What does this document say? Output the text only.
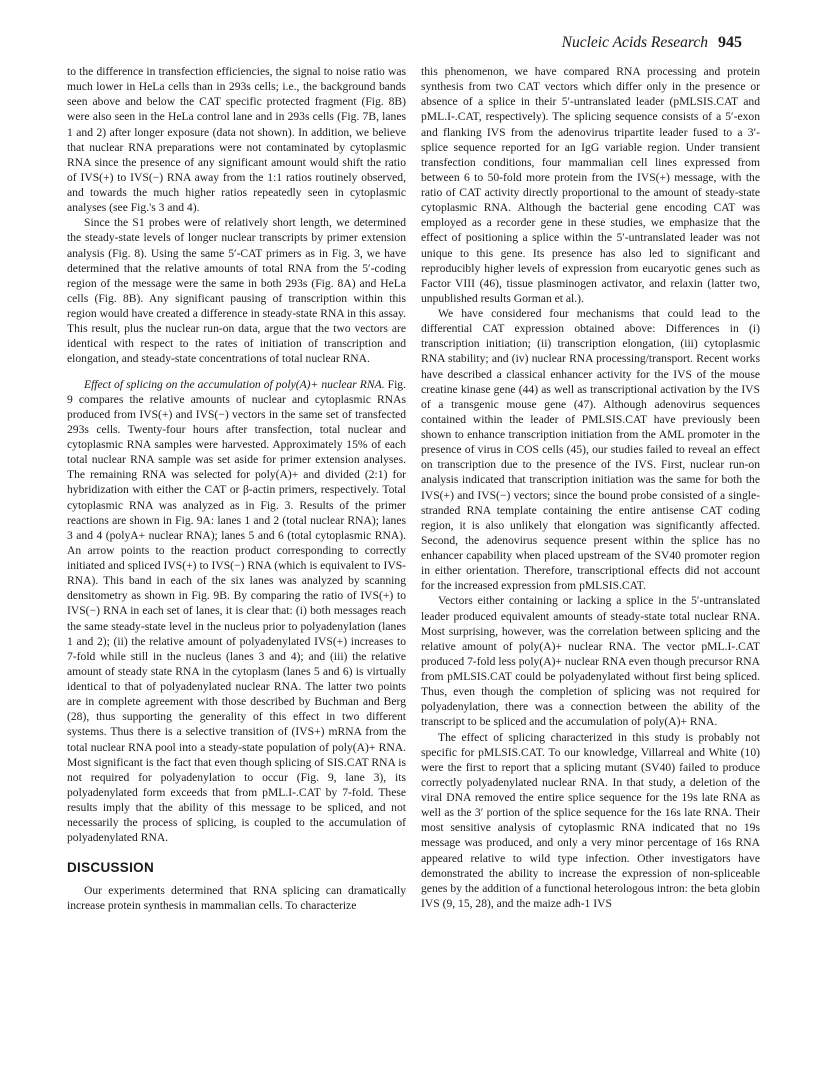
Nucleic Acids Research 945

to the difference in transfection efficiencies, the signal to noise ratio was much lower in HeLa cells than in 293s cells; i.e., the background bands seen above and below the CAT specific protected fragment (Fig. 8B) were also seen in the HeLa control lane and in 293s cells (Fig. 7B, lanes 1 and 2) after longer exposure (data not shown). In addition, we believe that nuclear RNA preparations were not contaminated by cytoplasmic RNA since the presence of any significant amount would shift the ratio of IVS(+) to IVS(−) RNA away from the 1:1 ratios routinely observed, and towards the much higher ratios repeatedly seen in cytoplasmic analyses (see Fig.'s 3 and 4).

Since the S1 probes were of relatively short length, we determined the steady-state levels of longer nuclear transcripts by primer extension analysis (Fig. 8). Using the same 5′-CAT primers as in Fig. 3, we have determined that the relative amounts of total RNA from the 5′-coding region of the message were the same in both 293s (Fig. 8A) and HeLa cells (Fig. 8B). Any significant pausing of transcription within this region would have created a difference in steady-state RNA in this assay. This result, plus the nuclear run-on data, argue that the two vectors are identical with respect to the rates of initiation of transcription and elongation, and steady-state concentrations of total nuclear RNA.

Effect of splicing on the accumulation of poly(A)+ nuclear RNA. Fig. 9 compares the relative amounts of nuclear and cytoplasmic RNAs produced from IVS(+) and IVS(−) vectors in the same set of transfected 293s cells. Twenty-four hours after transfection, total nuclear and cytoplasmic RNA samples were harvested. Approximately 15% of each total nuclear RNA sample was set aside for primer extension analyses. The remaining RNA was selected for poly(A)+ and divided (2:1) for hybridization with either the CAT or β-actin primers, respectively. Total cytoplasmic RNA was analyzed as in Fig. 3. Results of the primer reactions are shown in Fig. 9A: lanes 1 and 2 (total nuclear RNA); lanes 3 and 4 (polyA+ nuclear RNA); lanes 5 and 6 (total cytoplasmic RNA). An arrow points to the reaction product corresponding to correctly initiated and spliced IVS(+) to IVS(−) RNA (which is equivalent to IVS-RNA). This band in each of the six lanes was analyzed by scanning densitometry as shown in Fig. 9B. By comparing the ratio of IVS(+) to IVS(−) RNA in each set of lanes, it is clear that: (i) both messages reach the same steady-state level in the nucleus prior to polyadenylation (lanes 1 and 2); (ii) the relative amount of polyadenylated IVS(+) increases to 7-fold while still in the nucleus (lanes 3 and 4); and (iii) the relative amount of steady state RNA in the cytoplasm (lanes 5 and 6) is virtually identical to that of polyadenylated nuclear RNA. The latter two points are in complete agreement with those described by Buchman and Berg (28), thus supporting the generality of this effect in two different systems. Thus there is a selective transition of (IVS+) mRNA from the total nuclear RNA pool into a steady-state population of poly(A)+ RNA. Most significant is the fact that even though splicing of SIS.CAT RNA is not required for polyadenylation to occur (Fig. 9, lane 3), its polyadenylated form exceeds that from pML.I-.CAT by 7-fold. These results imply that the ability of this message to be spliced, and not necessarily the process of splicing, is coupled to the accumulation of polyadenylated RNA.

DISCUSSION

Our experiments determined that RNA splicing can dramatically increase protein synthesis in mammalian cells. To characterize

this phenomenon, we have compared RNA processing and protein synthesis from two CAT vectors which differ only in the presence or absence of a splice in their 5′-untranslated leader (pMLSIS.CAT and pML.I-.CAT, respectively). The splicing sequence consists of a 5′-exon and flanking IVS from the adenovirus tripartite leader fused to a 3′-splice sequence reported for an IgG variable region. Under transient transfection conditions, four mammalian cell lines expressed from between 6 to 50-fold more protein from the IVS(+) message, with the ratio of CAT activity directly proportional to the amount of steady-state cytoplasmic RNA. Although the bacterial gene encoding CAT was employed as a recorder gene in these studies, we emphasize that the effect of positioning a splice within the 5′-untranslated leader was not unique to this gene. Its presence has also led to significant and reproducibly higher levels of expression from eucaryotic genes such as Factor VIII (46), tissue plasminogen activator, and relaxin (latter two, unpublished results Gorman et al.).

We have considered four mechanisms that could lead to the differential CAT expression obtained above: Differences in (i) transcription initiation; (ii) transcription elongation, (iii) cytoplasmic RNA stability; and (iv) nuclear RNA processing/transport. Recent works have described a classical enhancer activity for the IVS of the mouse creatine kinase gene (44) as well as transcriptional activation by the IVS of a transgenic mouse gene (47). Although adenovirus sequences contained within the leader of PMLSIS.CAT have previously been shown to enhance transcription initiation from the AML promoter in the presence of virus in COS cells (45), our studies failed to reveal an effect on transcription due to the presence of the IVS. First, nuclear run-on analysis indicated that transcription initiation was the same for both the IVS(+) and IVS(−) vectors; since the bound probe consisted of a single-stranded RNA template containing the entire antisense CAT coding region, it is also unlikely that elongation was significantly affected. Second, the adenovirus sequence present within the splice has no enhancer capability when placed upstream of the SV40 promoter region in either orientation. Therefore, transcriptional effects did not account for the increased expression from pMLSIS.CAT.

Vectors either containing or lacking a splice in the 5′-untranslated leader produced equivalent amounts of steady-state total nuclear RNA. Most surprising, however, was the correlation between splicing and the relative amount of poly(A)+ nuclear RNA. The vector pML.I-.CAT produced 7-fold less poly(A)+ nuclear RNA even though precursor RNA from pMLSIS.CAT could be polyadenylated without first being spliced. Thus, even though the completion of splicing was not required for polyadenylation, there was a connection between the ability of the transcript to be spliced and the accumulation of poly(A)+ RNA.

The effect of splicing characterized in this study is probably not specific for pMLSIS.CAT. To our knowledge, Villarreal and White (10) were the first to report that a splicing mutant (SV40) failed to produce correctly polyadenylated nuclear RNA. In that study, a deletion of the viral DNA removed the entire splice sequence for the 19s late RNA as well as the 3′ portion of the splice sequence for the 16s late RNA. Their most sensitive analysis of cytoplasmic RNA indicated that no 19s message was produced, and only a very minor percentage of 16s RNA appeared relative to wild type infection. Other investigators have demonstrated the ability to increase the expression of non-spliceable genes by the addition of a functional heterologous intron: the beta globin IVS (9, 15, 28), and the maize adh-1 IVS
